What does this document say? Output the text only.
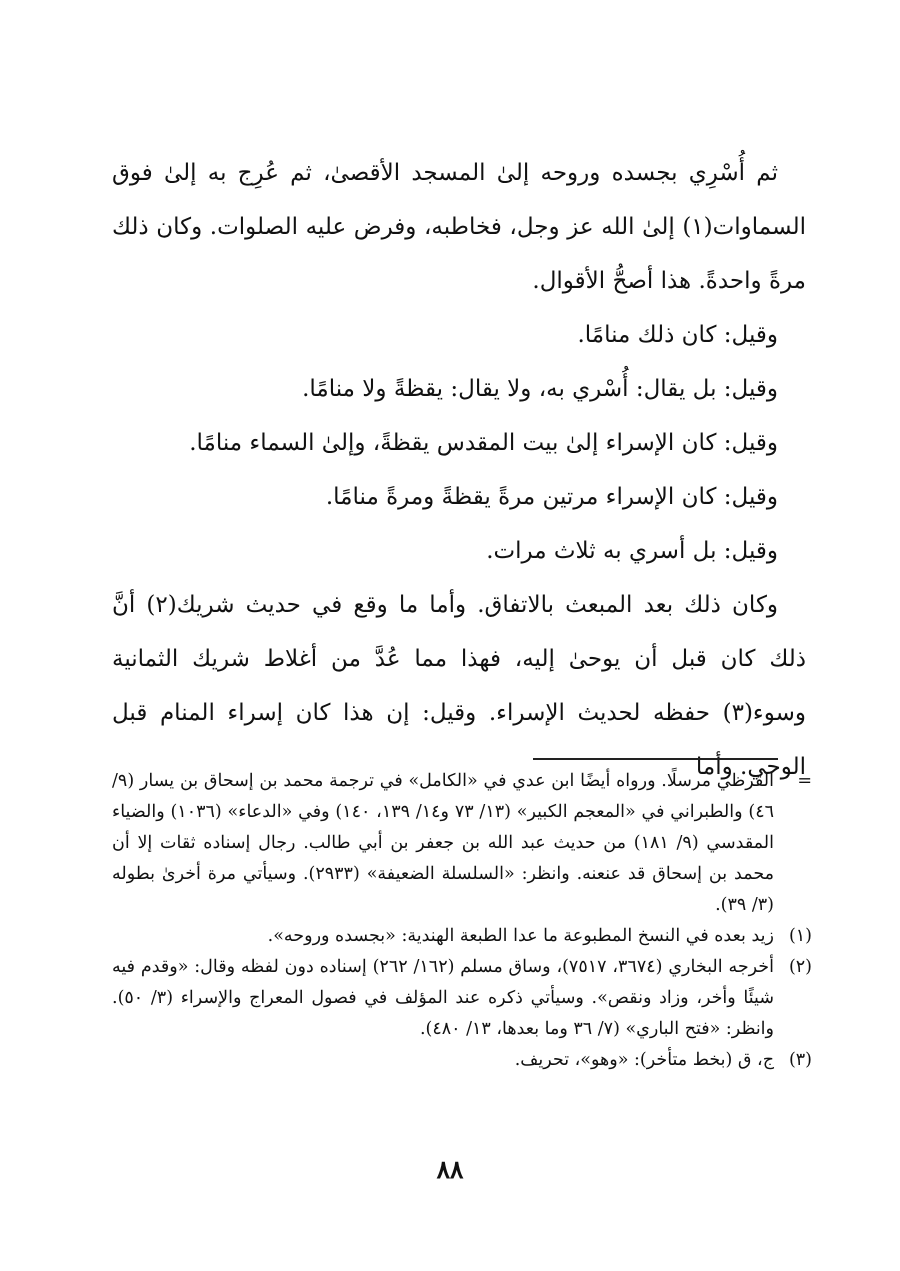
ثم أُسْرِي بجسده وروحه إلىٰ المسجد الأقصىٰ، ثم عُرِج به إلىٰ فوق السماوات(١) إلىٰ الله عز وجل، فخاطبه، وفرض عليه الصلوات. وكان ذلك مرةً واحدةً. هذا أصحُّ الأقوال.

وقيل: كان ذلك منامًا.

وقيل: بل يقال: أُسْري به، ولا يقال: يقظةً ولا منامًا.

وقيل: كان الإسراء إلىٰ بيت المقدس يقظةً، وإلىٰ السماء منامًا.

وقيل: كان الإسراء مرتين مرةً يقظةً ومرةً منامًا.

وقيل: بل أسري به ثلاث مرات.

وكان ذلك بعد المبعث بالاتفاق. وأما ما وقع في حديث شريك(٢) أنَّ ذلك كان قبل أن يوحىٰ إليه، فهذا مما عُدَّ من أغلاط شريك الثمانية وسوء(٣) حفظه لحديث الإسراء. وقيل: إن هذا كان إسراء المنام قبل الوحي. وأما

=
القرظي مرسلًا. ورواه أيضًا ابن عدي في «الكامل» في ترجمة محمد بن إسحاق بن يسار (٩/ ٤٦) والطبراني في «المعجم الكبير» (١٣/ ٧٣ و١٤/ ١٣٩، ١٤٠) وفي «الدعاء» (١٠٣٦) والضياء المقدسي (٩/ ١٨١) من حديث عبد الله بن جعفر بن أبي طالب. رجال إسناده ثقات إلا أن محمد بن إسحاق قد عنعنه. وانظر: «السلسلة الضعيفة» (٢٩٣٣). وسيأتي مرة أخرىٰ بطوله (٣/ ٣٩).
(١)
زيد بعده في النسخ المطبوعة ما عدا الطبعة الهندية: «بجسده وروحه».
(٢)
أخرجه البخاري (٣٦٧٤، ٧٥١٧)، وساق مسلم (١٦٢/ ٢٦٢) إسناده دون لفظه وقال: «وقدم فيه شيئًا وأخر، وزاد ونقص». وسيأتي ذكره عند المؤلف في فصول المعراج والإسراء (٣/ ٥٠). وانظر: «فتح الباري» (٧/ ٣٦ وما بعدها، ١٣/ ٤٨٠).
(٣)
ج، ق (بخط متأخر): «وهو»، تحريف.
٨٨
